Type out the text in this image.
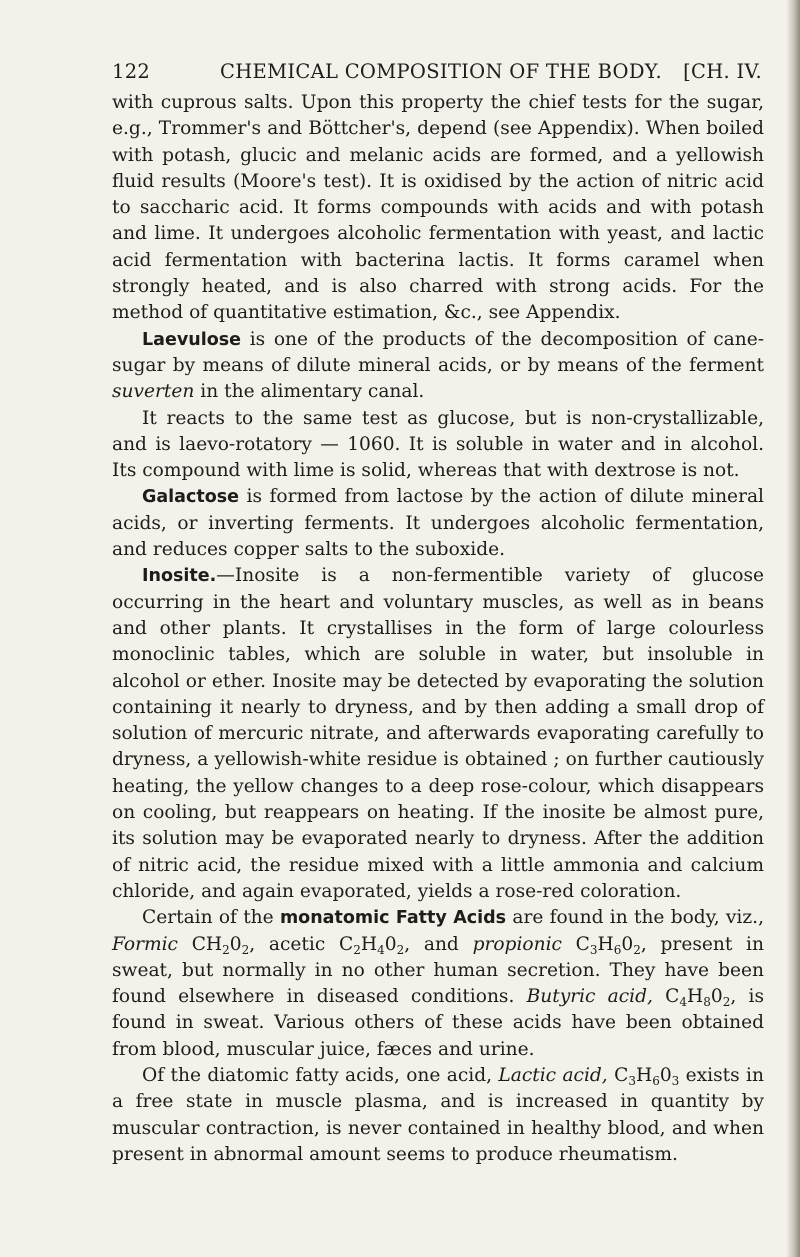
122	CHEMICAL COMPOSITION OF THE BODY.	[CH. IV.

with cuprous salts. Upon this property the chief tests for the sugar, e.g., Trommer's and Böttcher's, depend (see Appendix). When boiled with potash, glucic and melanic acids are formed, and a yellowish fluid results (Moore's test). It is oxidised by the action of nitric acid to saccharic acid. It forms compounds with acids and with potash and lime. It undergoes alcoholic fermentation with yeast, and lactic acid fermentation with bacterina lactis. It forms caramel when strongly heated, and is also charred with strong acids. For the method of quantitative estimation, &c., see Appendix.

Laevulose is one of the products of the decomposition of cane-sugar by means of dilute mineral acids, or by means of the ferment suverten in the alimentary canal.

It reacts to the same test as glucose, but is non-crystallizable, and is laevo-rotatory — 1060. It is soluble in water and in alcohol. Its compound with lime is solid, whereas that with dextrose is not.

Galactose is formed from lactose by the action of dilute mineral acids, or inverting ferments. It undergoes alcoholic fermentation, and reduces copper salts to the suboxide.

Inosite.—Inosite is a non-fermentible variety of glucose occurring in the heart and voluntary muscles, as well as in beans and other plants. It crystallises in the form of large colourless monoclinic tables, which are soluble in water, but insoluble in alcohol or ether. Inosite may be detected by evaporating the solution containing it nearly to dryness, and by then adding a small drop of solution of mercuric nitrate, and afterwards evaporating carefully to dryness, a yellowish-white residue is obtained ; on further cautiously heating, the yellow changes to a deep rose-colour, which disappears on cooling, but reappears on heating. If the inosite be almost pure, its solution may be evaporated nearly to dryness. After the addition of nitric acid, the residue mixed with a little ammonia and calcium chloride, and again evaporated, yields a rose-red coloration.

Certain of the monatomic Fatty Acids are found in the body, viz., Formic $CH_20_2$, acetic $C_2H_40_2$, and propionic $C_3H_60_2$, present in sweat, but normally in no other human secretion. They have been found elsewhere in diseased conditions. Butyric acid, $C_4H_80_2$, is found in sweat. Various others of these acids have been obtained from blood, muscular juice, fæces and urine.

Of the diatomic fatty acids, one acid, Lactic acid, $C_3H_60_3$ exists in a free state in muscle plasma, and is increased in quantity by muscular contraction, is never contained in healthy blood, and when present in abnormal amount seems to produce rheumatism.
